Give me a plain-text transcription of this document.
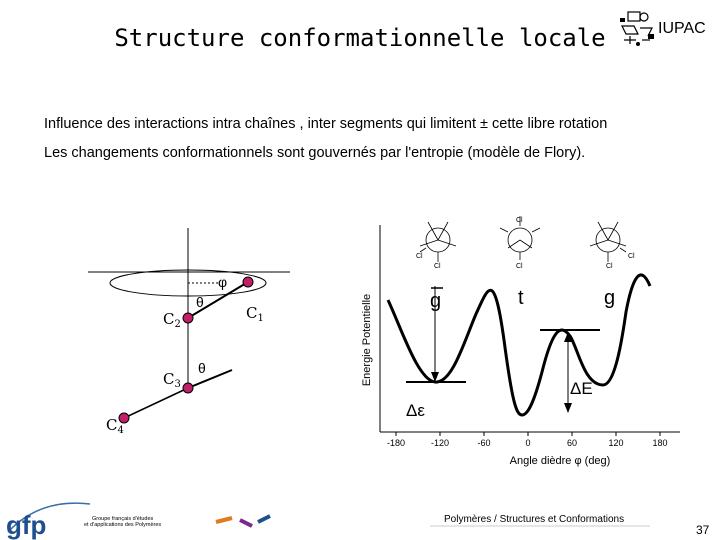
Structure conformationnelle locale	IUPAC
Influence des interactions intra chaînes , inter segments qui limitent ± cette libre rotation
Les changements conformationnels sont gouvernés par l'entropie (modèle de Flory).
φ
θ
θ
$C_1$
$C_2$
$C_3$
$C_4$
-180	-120	-60	0	60	120	180
Energie Potentielle
Angle dièdre φ (deg)
g	t	g
Δε
ΔE
Cl
Cl
Cl
Cl
Cl
Cl
gfp	Groupe français d'études
et d'applications des Polymères	Polymères / Structures et Conformations
37
